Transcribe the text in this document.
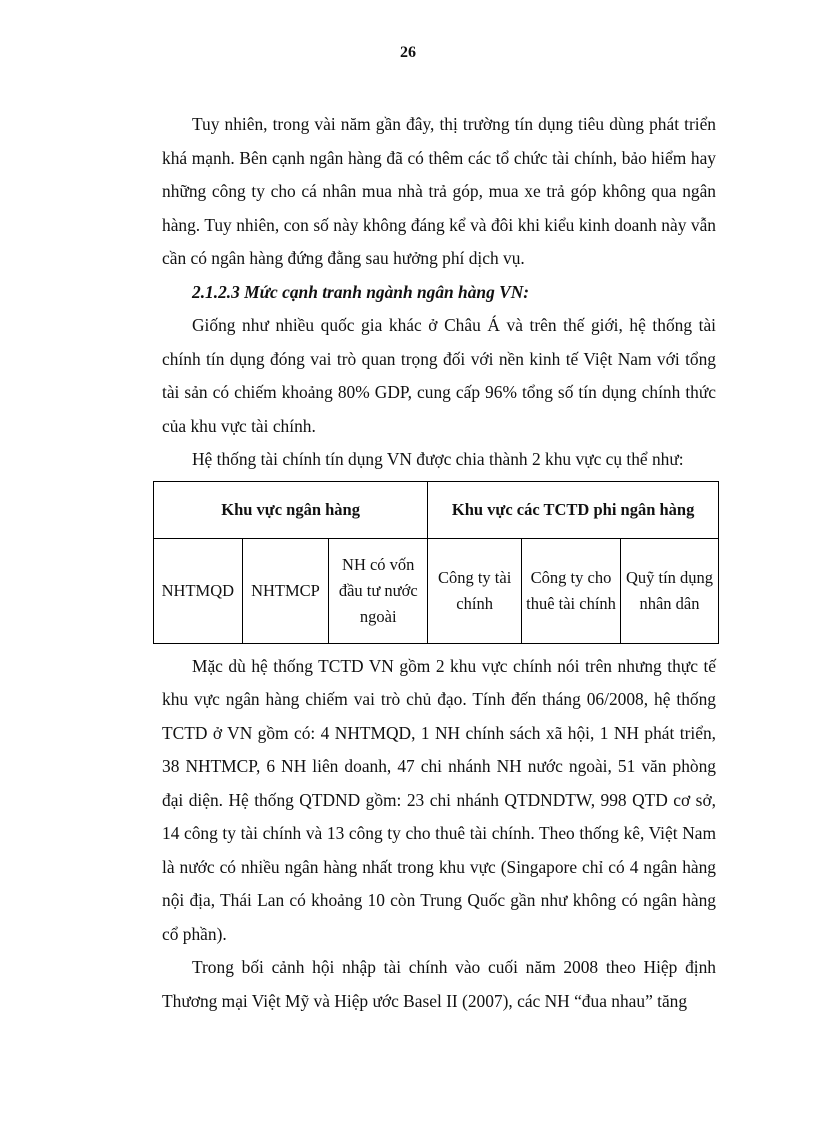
26

Tuy nhiên, trong vài năm gần đây, thị trường tín dụng tiêu dùng phát triển khá mạnh. Bên cạnh ngân hàng đã có thêm các tổ chức tài chính, bảo hiểm hay những công ty cho cá nhân mua nhà trả góp, mua xe trả góp không qua ngân hàng. Tuy nhiên, con số này không đáng kể và đôi khi kiểu kinh doanh này vẫn cần có ngân hàng đứng đằng sau hưởng phí dịch vụ.

2.1.2.3 Mức cạnh tranh ngành ngân hàng VN:

Giống như nhiều quốc gia khác ở Châu Á và trên thế giới, hệ thống tài chính tín dụng đóng vai trò quan trọng đối với nền kinh tế Việt Nam với tổng tài sản có chiếm khoảng 80% GDP, cung cấp 96% tổng số tín dụng chính thức của khu vực tài chính.

Hệ thống tài chính tín dụng VN được chia thành 2 khu vực cụ thể như:

Khu vực ngân hàng			Khu vực các TCTD phi ngân hàng		
NHTMQD	NHTMCP	NH có vốn đầu tư nước ngoài	Công ty tài chính	Công ty cho thuê tài chính	Quỹ tín dụng nhân dân

Mặc dù hệ thống TCTD VN gồm 2 khu vực chính nói trên nhưng thực tế khu vực ngân hàng chiếm vai trò chủ đạo. Tính đến tháng 06/2008, hệ thống TCTD ở VN gồm có: 4 NHTMQD, 1 NH chính sách xã hội, 1 NH phát triển, 38 NHTMCP, 6 NH liên doanh, 47 chi nhánh NH nước ngoài, 51 văn phòng đại diện. Hệ thống QTDND gồm: 23 chi nhánh QTDNDTW, 998 QTD cơ sở, 14 công ty tài chính và 13 công ty cho thuê tài chính. Theo thống kê, Việt Nam là nước có nhiều ngân hàng nhất trong khu vực (Singapore chỉ có 4 ngân hàng nội địa, Thái Lan có khoảng 10 còn Trung Quốc gần như không có ngân hàng cổ phần).

Trong bối cảnh hội nhập tài chính vào cuối năm 2008 theo Hiệp định Thương mại Việt Mỹ và Hiệp ước Basel II (2007), các NH “đua nhau” tăng
